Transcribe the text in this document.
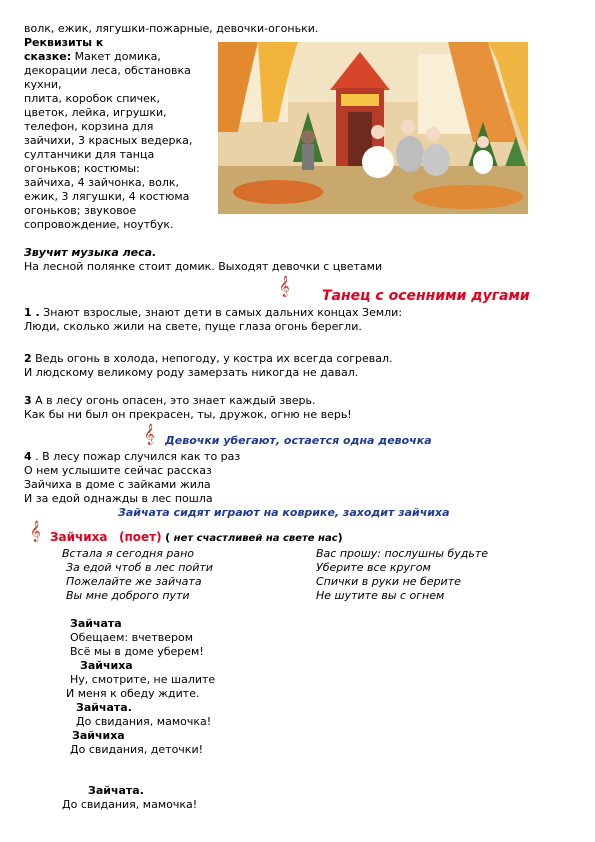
волк, ежик, лягушки-пожарные, девочки-огоньки.
Реквизиты к
сказке: Макет домика,
декорации леса, обстановка
кухни,
плита, коробок спичек,
цветок, лейка, игрушки,
телефон, корзина для
зайчихи, 3 красных ведерка,
султанчики для танца
огоньков; костюмы:
зайчиха, 4 зайчонка, волк,
ежик, 3 лягушки, 4 костюма
огоньков; звуковое
сопровождение, ноутбук.
Звучит музыка леса.
На лесной полянке стоит домик. Выходят девочки с цветами
𝄞 Танец с осенними дугами
1 . Знают взрослые, знают дети в самых дальних концах Земли:
Люди, сколько жили на свете, пуще глаза огонь берегли.
2 Ведь огонь в холода, непогоду, у костра их всегда согревал.
И людскому великому роду замерзать никогда не давал.
3 А в лесу огонь опасен, это знает каждый зверь.
Как бы ни был он прекрасен, ты, дружок, огню не верь!
𝄞 Девочки убегают, остается одна девочка
4 . В лесу пожар случился как то раз
О нем услышите сейчас рассказ
Зайчиха в доме с зайками жила
И за едой однажды в лес пошла
Зайчата сидят играют на коврике, заходит зайчиха
𝄞 Зайчиха (поет) ( нет счастливей на свете нас)
Встала я сегодня рано
За едой чтоб в лес пойти
Пожелайте же зайчата
Вы мне доброго пути
Вас прошу: послушны будьте
Уберите все кругом
Спички в руки не берите
Не шутите вы с огнем
Зайчата
Обещаем: вчетвером
Всё мы в доме уберем!
Зайчиха
Ну, смотрите, не шалите
И меня к обеду ждите.
Зайчата.
До свидания, мамочка!
Зайчиха
До свидания, деточки!
Зайчата.
До свидания, мамочка!
